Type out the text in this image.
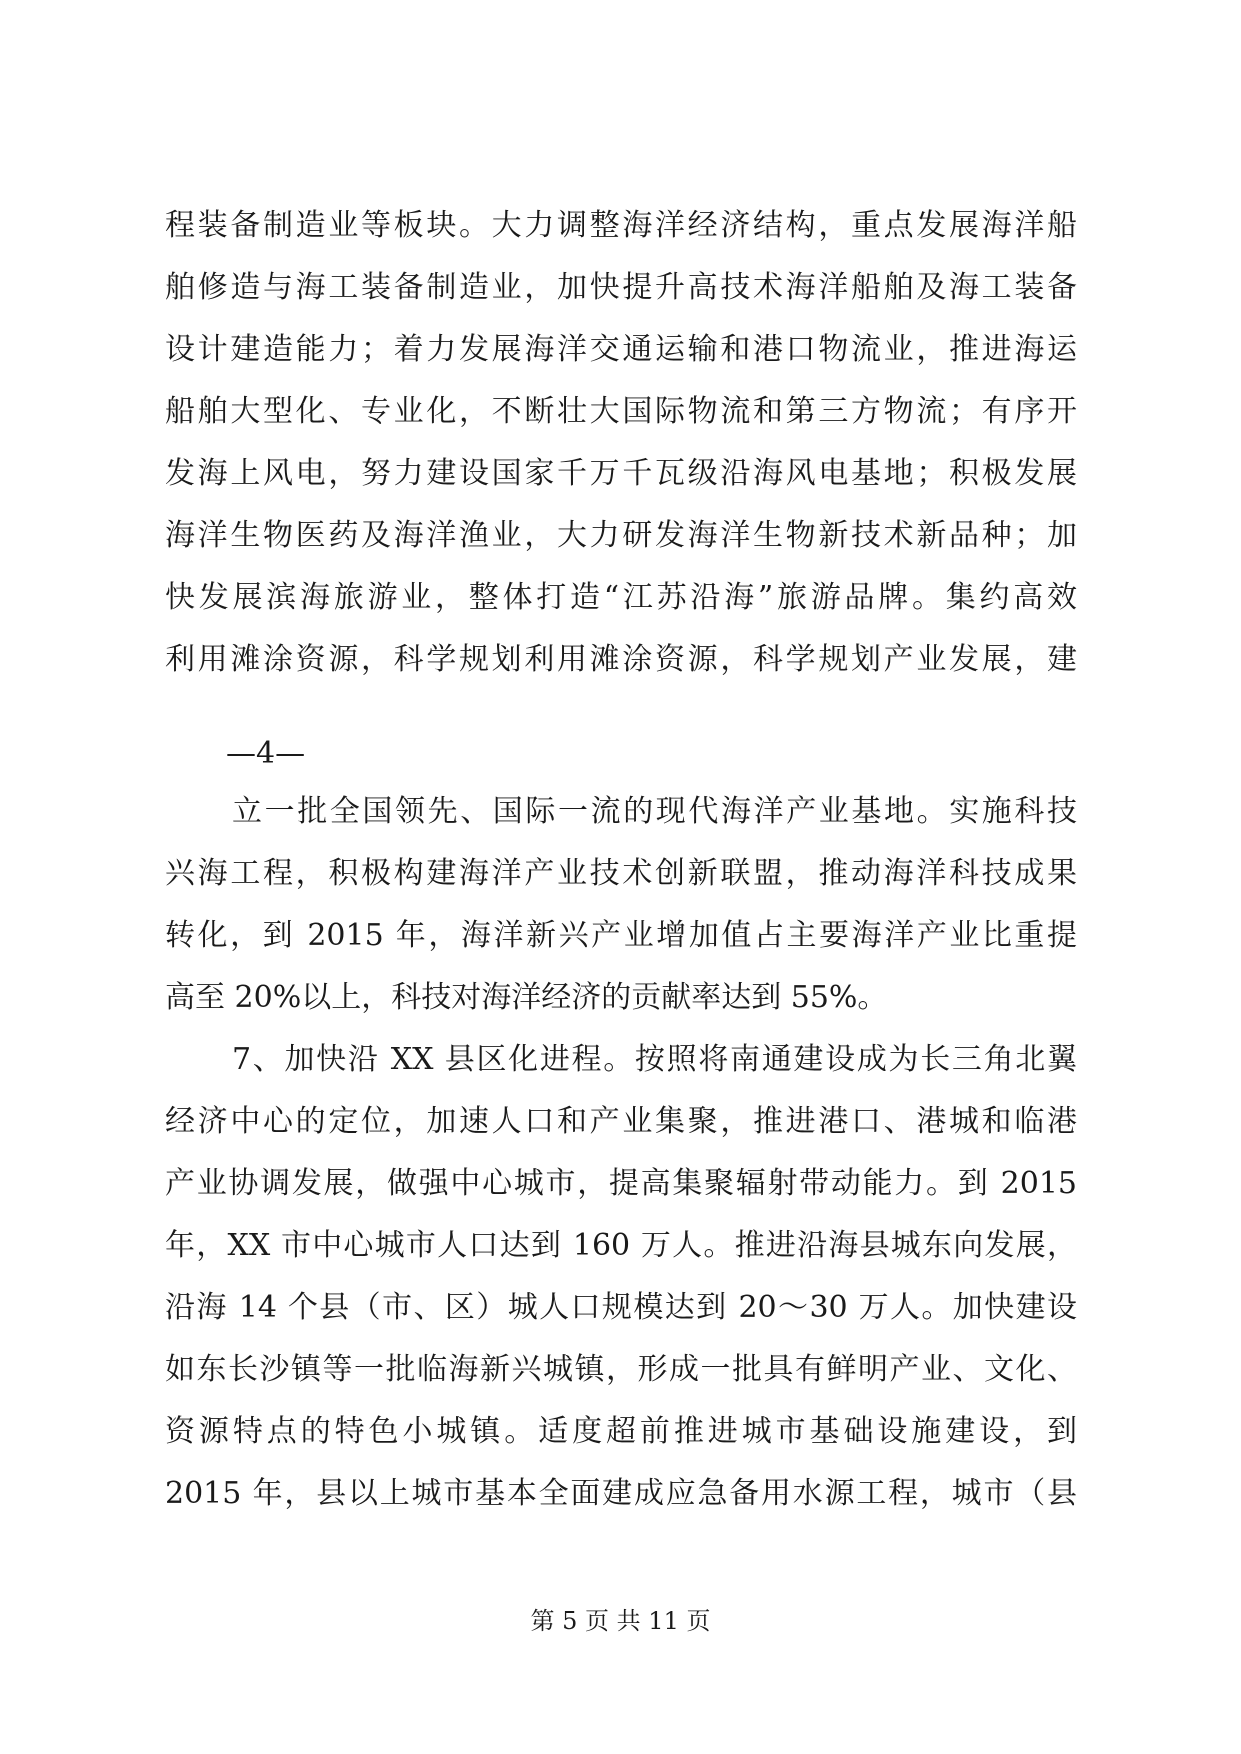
程装备制造业等板块。大力调整海洋经济结构，重点发展海洋船
舶修造与海工装备制造业，加快提升高技术海洋船舶及海工装备
设计建造能力；着力发展海洋交通运输和港口物流业，推进海运
船舶大型化、专业化，不断壮大国际物流和第三方物流；有序开
发海上风电，努力建设国家千万千瓦级沿海风电基地；积极发展
海洋生物医药及海洋渔业，大力研发海洋生物新技术新品种；加
快发展滨海旅游业，整体打造“江苏沿海”旅游品牌。集约高效
利用滩涂资源，科学规划利用滩涂资源，科学规划产业发展，建
—4—
立一批全国领先、国际一流的现代海洋产业基地。实施科技
兴海工程，积极构建海洋产业技术创新联盟，推动海洋科技成果
转化，到 2015 年，海洋新兴产业增加值占主要海洋产业比重提
高至 20%以上，科技对海洋经济的贡献率达到 55%。
7、加快沿 XX 县区化进程。按照将南通建设成为长三角北翼
经济中心的定位，加速人口和产业集聚，推进港口、港城和临港
产业协调发展，做强中心城市，提高集聚辐射带动能力。到 2015
年，XX 市中心城市人口达到 160 万人。推进沿海县城东向发展，
沿海 14 个县（市、区）城人口规模达到 20～30 万人。加快建设
如东长沙镇等一批临海新兴城镇，形成一批具有鲜明产业、文化、
资源特点的特色小城镇。适度超前推进城市基础设施建设，到
2015 年，县以上城市基本全面建成应急备用水源工程，城市（县
第 5 页 共 11 页
